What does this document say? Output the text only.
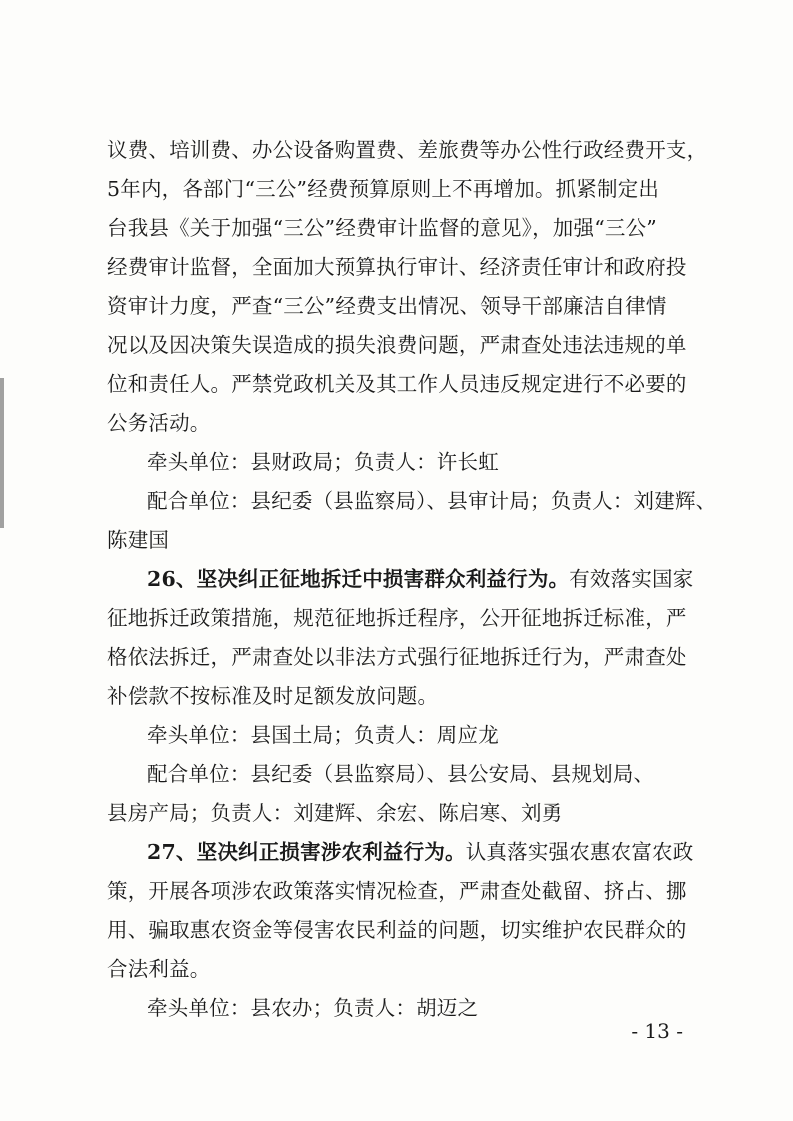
议费、培训费、办公设备购置费、差旅费等办公性行政经费开支，
5年内，各部门“三公”经费预算原则上不再增加。抓紧制定出
台我县《关于加强“三公”经费审计监督的意见》，加强“三公”
经费审计监督，全面加大预算执行审计、经济责任审计和政府投
资审计力度，严查“三公”经费支出情况、领导干部廉洁自律情
况以及因决策失误造成的损失浪费问题，严肃查处违法违规的单
位和责任人。严禁党政机关及其工作人员违反规定进行不必要的
公务活动。
牵头单位：县财政局；负责人：许长虹
配合单位：县纪委（县监察局）、县审计局；负责人：刘建辉、
陈建国
26、坚决纠正征地拆迁中损害群众利益行为。有效落实国家
征地拆迁政策措施，规范征地拆迁程序，公开征地拆迁标准，严
格依法拆迁，严肃查处以非法方式强行征地拆迁行为，严肃查处
补偿款不按标准及时足额发放问题。
牵头单位：县国土局；负责人：周应龙
配合单位：县纪委（县监察局）、县公安局、县规划局、
县房产局；负责人：刘建辉、余宏、陈启寒、刘勇
27、坚决纠正损害涉农利益行为。认真落实强农惠农富农政
策，开展各项涉农政策落实情况检查，严肃查处截留、挤占、挪
用、骗取惠农资金等侵害农民利益的问题，切实维护农民群众的
合法利益。
牵头单位：县农办；负责人：胡迈之
- 13 -
